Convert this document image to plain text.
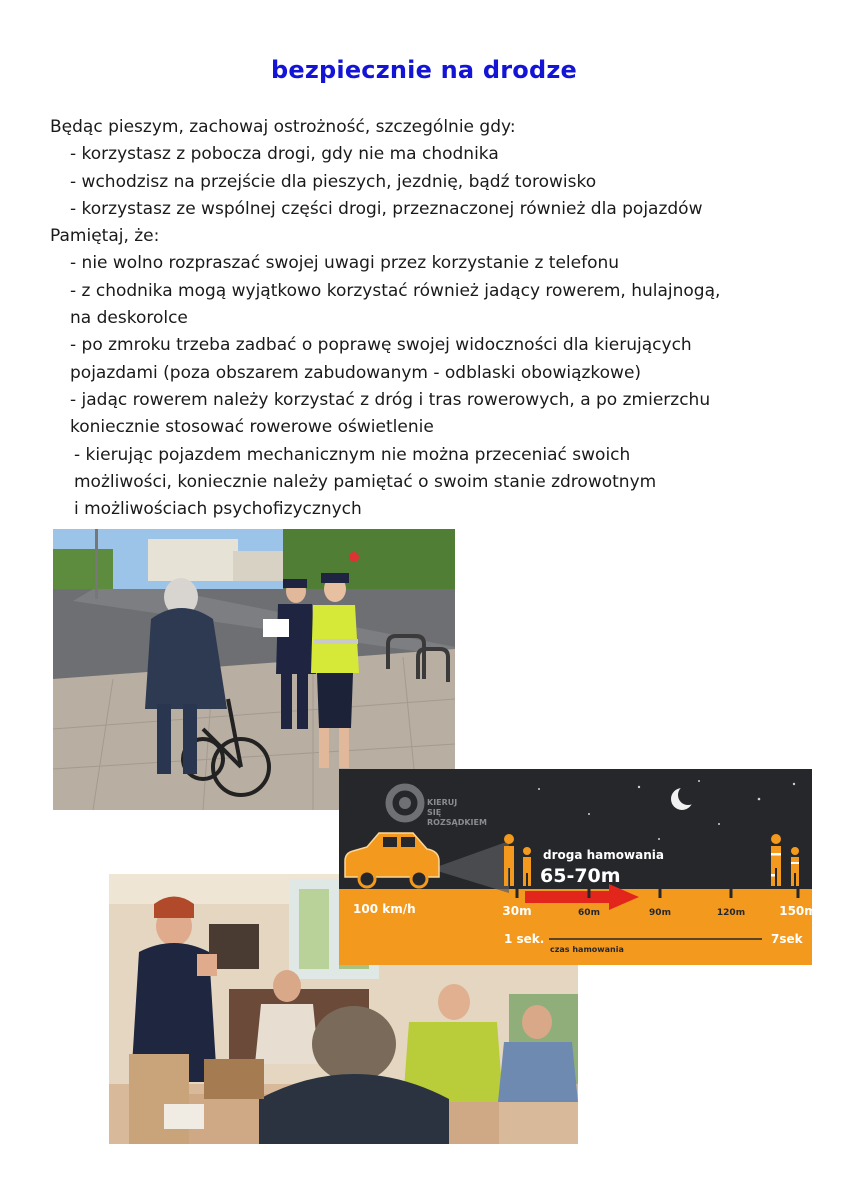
bezpiecznie na drodze

Będąc pieszym, zachowaj ostrożność, szczególnie gdy:

- korzystasz z pobocza drogi, gdy nie ma chodnika

- wchodzisz na przejście dla pieszych, jezdnię, bądź torowisko

- korzystasz ze wspólnej części drogi, przeznaczonej również dla pojazdów

Pamiętaj, że:

- nie wolno rozpraszać swojej uwagi przez korzystanie z telefonu

- z chodnika mogą wyjątkowo korzystać również jadący rowerem, hulajnogą,

na deskorolce

- po zmroku trzeba zadbać o poprawę swojej widoczności dla kierujących

pojazdami (poza obszarem zabudowanym - odblaski obowiązkowe)

- jadąc rowerem należy korzystać z dróg i tras rowerowych, a po zmierzchu

koniecznie stosować rowerowe oświetlenie

- kierując pojazdem mechanicznym nie można przeceniać swoich

możliwości, koniecznie należy pamiętać o swoim stanie zdrowotnym

i możliwościach psychofizycznych

KIERUJ
SIĘ
ROZSĄDKIEM
droga hamowania
65-70m
100 km/h	30m	60m	90m	120m	150m
1 sek.
czas hamowania
7sek
